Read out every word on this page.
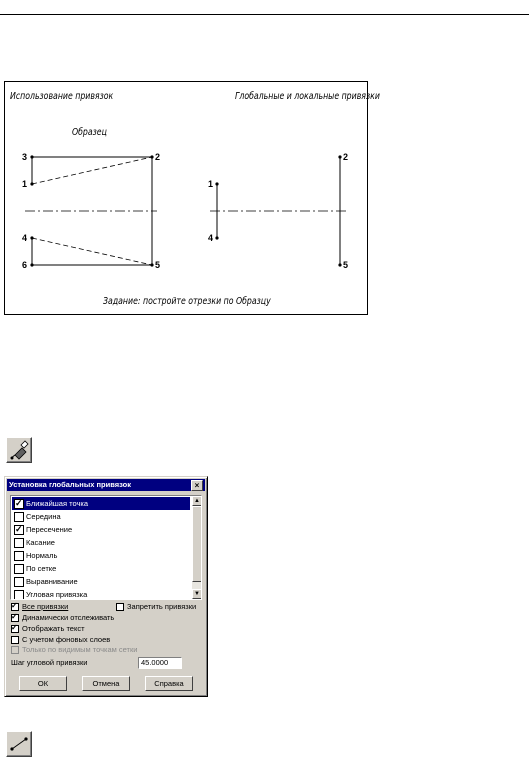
Использование привязок	Глобальные и локальные привязки
Образец
Задание: постройте отрезки по Образцу
3	2
1
4
6	5
1
2
4
5
Установка глобальных привязок	×
✓
Ближайшая точка
Середина
✓
Пересечение
Касание
Нормаль
По сетке
Выравнивание
Угловая привязка
▲
▼
✓
Все привязки	Запретить привязки
✓
Динамически отслеживать
✓
Отображать текст
С учетом фоновых слоев
Только по видимым точкам сетки
Шаг угловой привязки	45.0000
ОК	Отмена	Справка
